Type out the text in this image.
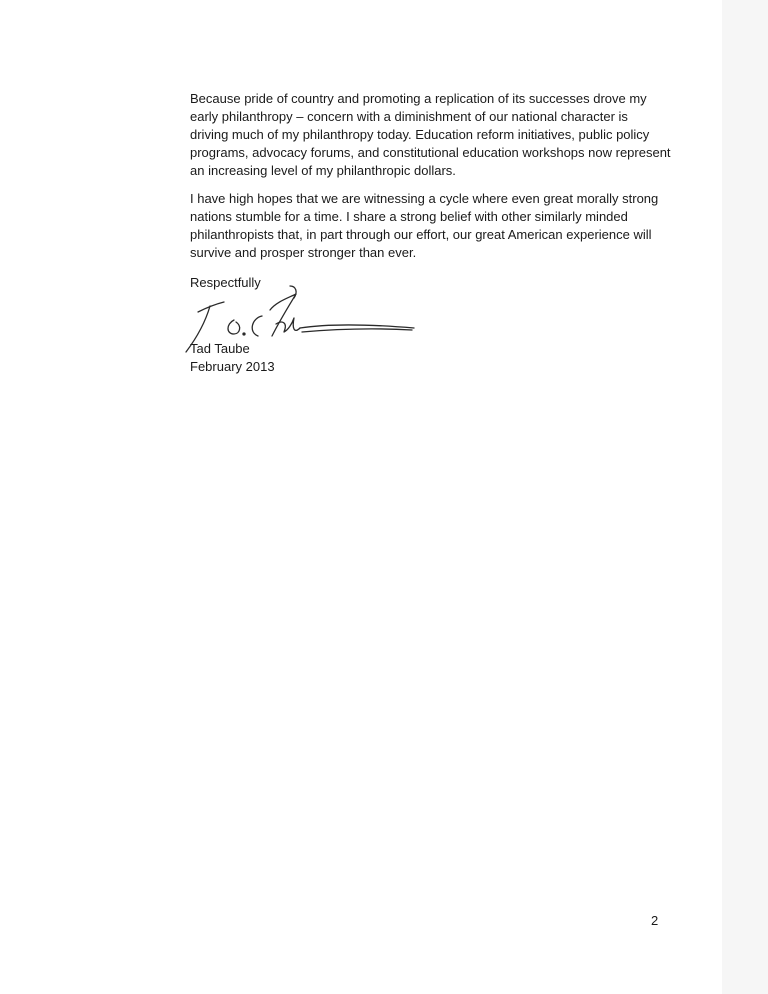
Because pride of country and promoting a replication of its successes drove my
early philanthropy – concern with a diminishment of our national character is
driving much of my philanthropy today. Education reform initiatives, public policy
programs, advocacy forums, and constitutional education workshops now represent
an increasing level of my philanthropic dollars.

I have high hopes that we are witnessing a cycle where even great morally strong
nations stumble for a time. I share a strong belief with other similarly minded
philanthropists that, in part through our effort, our great American experience will
survive and prosper stronger than ever.

Respectfully

Tad Taube

February 2013

2
